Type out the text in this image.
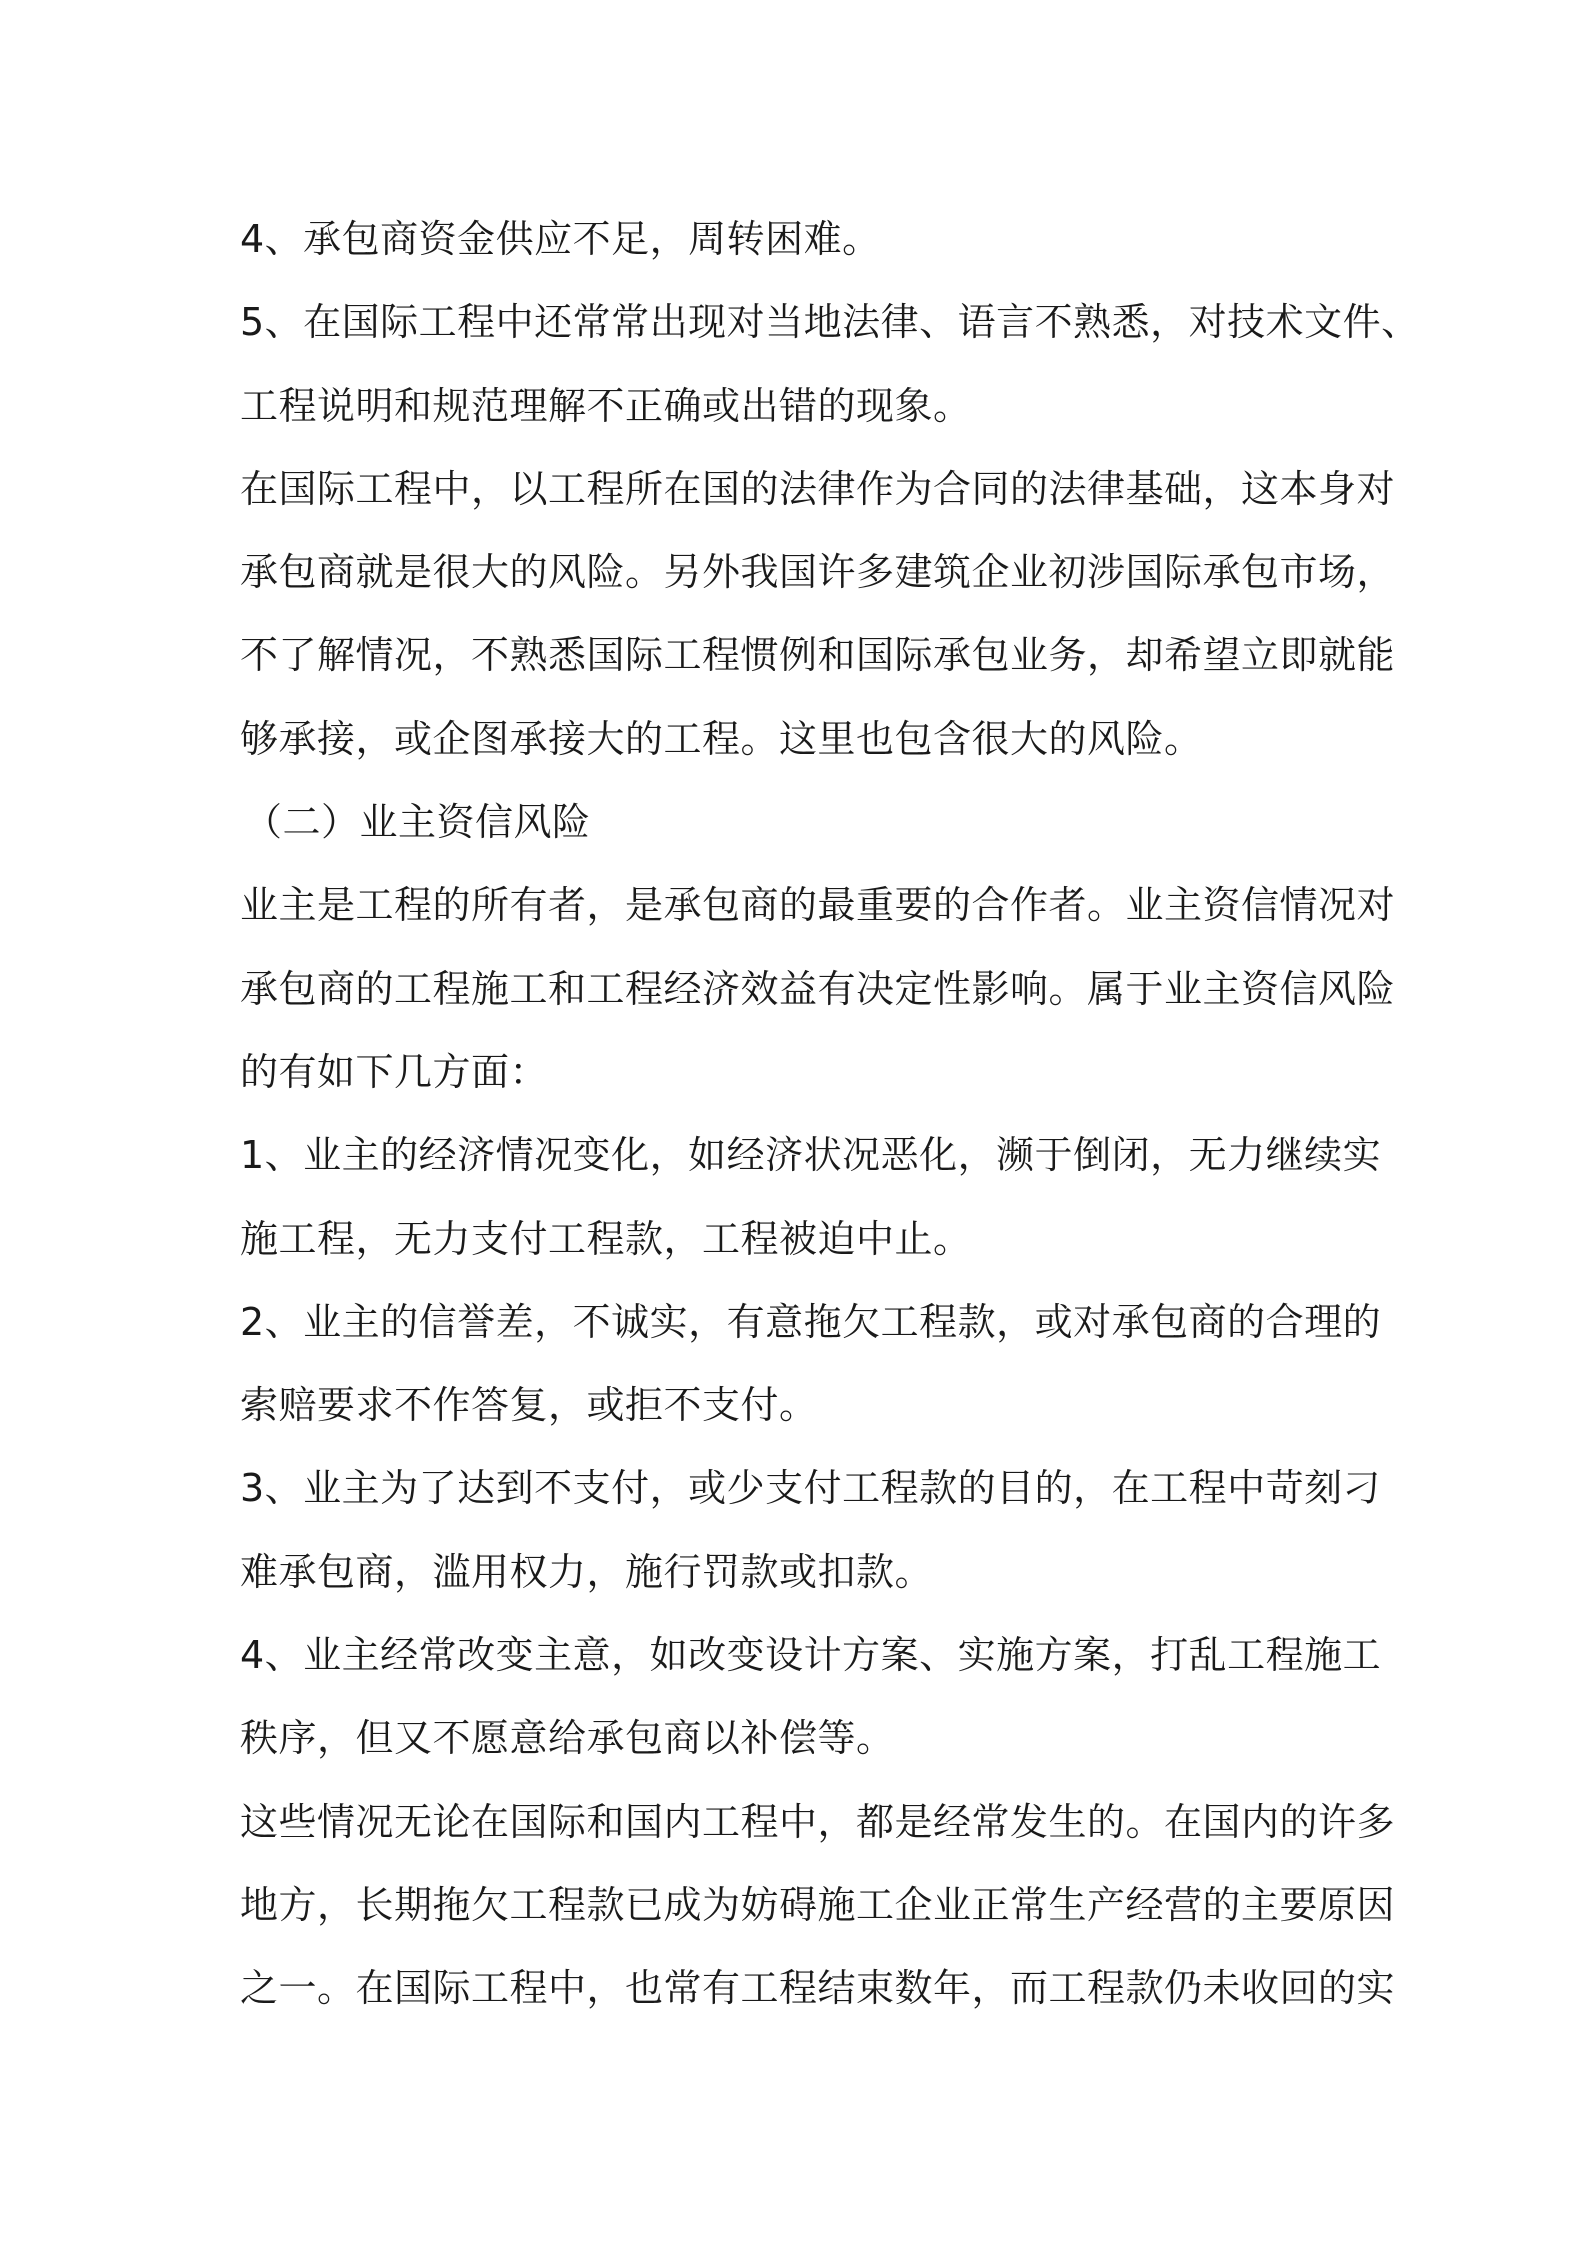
4、承包商资金供应不足，周转困难。
5、在国际工程中还常常出现对当地法律、语言不熟悉，对技术文件、
工程说明和规范理解不正确或出错的现象。
在国际工程中，以工程所在国的法律作为合同的法律基础，这本身对
承包商就是很大的风险。另外我国许多建筑企业初涉国际承包市场，
不了解情况，不熟悉国际工程惯例和国际承包业务，却希望立即就能
够承接，或企图承接大的工程。这里也包含很大的风险。
（二）业主资信风险
业主是工程的所有者，是承包商的最重要的合作者。业主资信情况对
承包商的工程施工和工程经济效益有决定性影响。属于业主资信风险
的有如下几方面：
1、业主的经济情况变化，如经济状况恶化，濒于倒闭，无力继续实
施工程，无力支付工程款，工程被迫中止。
2、业主的信誉差，不诚实，有意拖欠工程款，或对承包商的合理的
索赔要求不作答复，或拒不支付。
3、业主为了达到不支付，或少支付工程款的目的，在工程中苛刻刁
难承包商，滥用权力，施行罚款或扣款。
4、业主经常改变主意，如改变设计方案、实施方案，打乱工程施工
秩序，但又不愿意给承包商以补偿等。
这些情况无论在国际和国内工程中，都是经常发生的。在国内的许多
地方，长期拖欠工程款已成为妨碍施工企业正常生产经营的主要原因
之一。在国际工程中，也常有工程结束数年，而工程款仍未收回的实
